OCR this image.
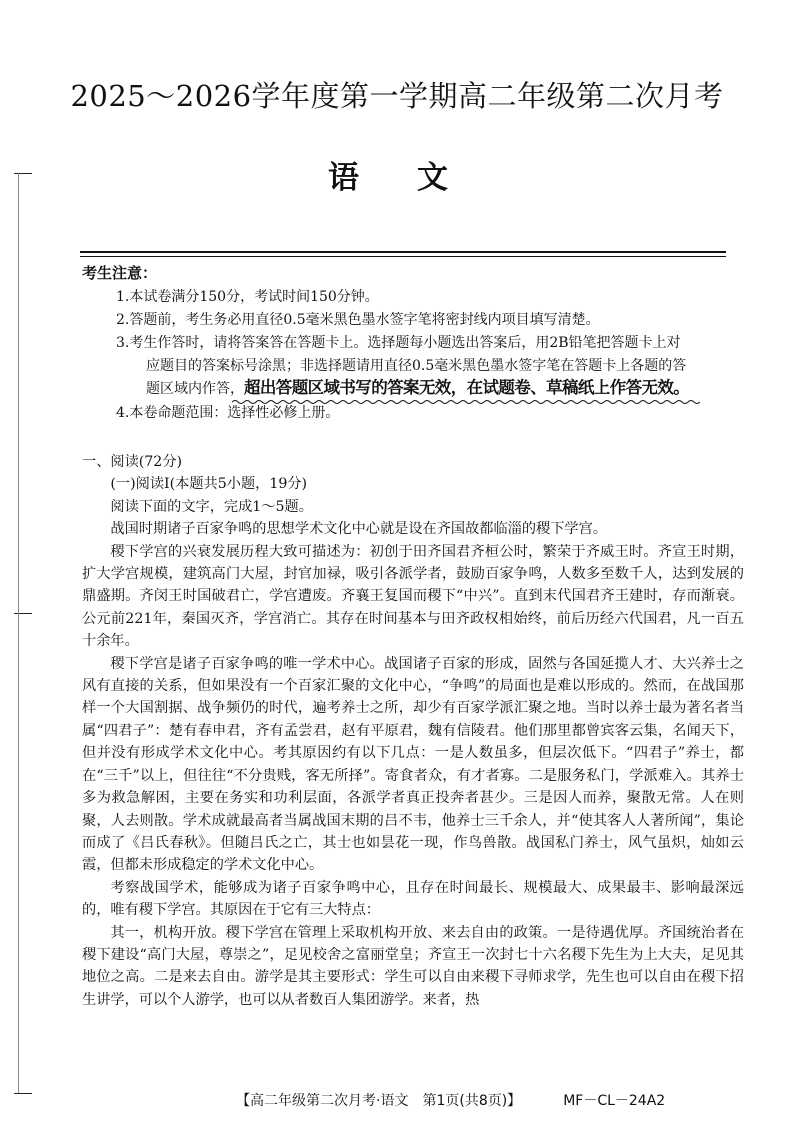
2025～2026学年度第一学期高二年级第二次月考
语文
考生注意：
1.本试卷满分150分，考试时间150分钟。
2.答题前，考生务必用直径0.5毫米黑色墨水签字笔将密封线内项目填写清楚。
3.考生作答时，请将答案答在答题卡上。选择题每小题选出答案后，用2B铅笔把答题卡上对
应题目的答案标号涂黑；非选择题请用直径0.5毫米黑色墨水签字笔在答题卡上各题的答
题区域内作答，超出答题区域书写的答案无效，在试题卷、草稿纸上作答无效。
4.本卷命题范围：选择性必修上册。

一、阅读(72分)

(一)阅读Ⅰ(本题共5小题，19分)

阅读下面的文字，完成1～5题。

战国时期诸子百家争鸣的思想学术文化中心就是设在齐国故都临淄的稷下学宫。

稷下学宫的兴衰发展历程大致可描述为：初创于田齐国君齐桓公时，繁荣于齐威王时。齐宣王时期，扩大学宫规模，建筑高门大屋，封官加禄，吸引各派学者，鼓励百家争鸣，人数多至数千人，达到发展的鼎盛期。齐闵王时国破君亡，学宫遭废。齐襄王复国而稷下“中兴”。直到末代国君齐王建时，存而渐衰。公元前221年，秦国灭齐，学宫消亡。其存在时间基本与田齐政权相始终，前后历经六代国君，凡一百五十余年。

稷下学宫是诸子百家争鸣的唯一学术中心。战国诸子百家的形成，固然与各国延揽人才、大兴养士之风有直接的关系，但如果没有一个百家汇聚的文化中心，“争鸣”的局面也是难以形成的。然而，在战国那样一个大国割据、战争频仍的时代，遍考养士之所，却少有百家学派汇聚之地。当时以养士最为著名者当属“四君子”：楚有春申君，齐有孟尝君，赵有平原君，魏有信陵君。他们那里都曾宾客云集，名闻天下，但并没有形成学术文化中心。考其原因约有以下几点：一是人数虽多，但层次低下。“四君子”养士，都在“三千”以上，但往往“不分贵贱，客无所择”。寄食者众，有才者寡。二是服务私门，学派难入。其养士多为救急解困，主要在务实和功利层面，各派学者真正投奔者甚少。三是因人而养，聚散无常。人在则聚，人去则散。学术成就最高者当属战国末期的吕不韦，他养士三千余人，并“使其客人人著所闻”，集论而成了《吕氏春秋》。但随吕氏之亡，其士也如昙花一现，作鸟兽散。战国私门养士，风气虽炽，灿如云霞，但都未形成稳定的学术文化中心。

考察战国学术，能够成为诸子百家争鸣中心，且存在时间最长、规模最大、成果最丰、影响最深远的，唯有稷下学宫。其原因在于它有三大特点：

其一，机构开放。稷下学宫在管理上采取机构开放、来去自由的政策。一是待遇优厚。齐国统治者在稷下建设“高门大屋，尊崇之”，足见校舍之富丽堂皇；齐宣王一次封七十六名稷下先生为上大夫，足见其地位之高。二是来去自由。游学是其主要形式：学生可以自由来稷下寻师求学，先生也可以自由在稷下招生讲学，可以个人游学，也可以从者数百人集团游学。来者，热

【高二年级第二次月考·语文　第1页(共8页)】	MF－CL－24A2
